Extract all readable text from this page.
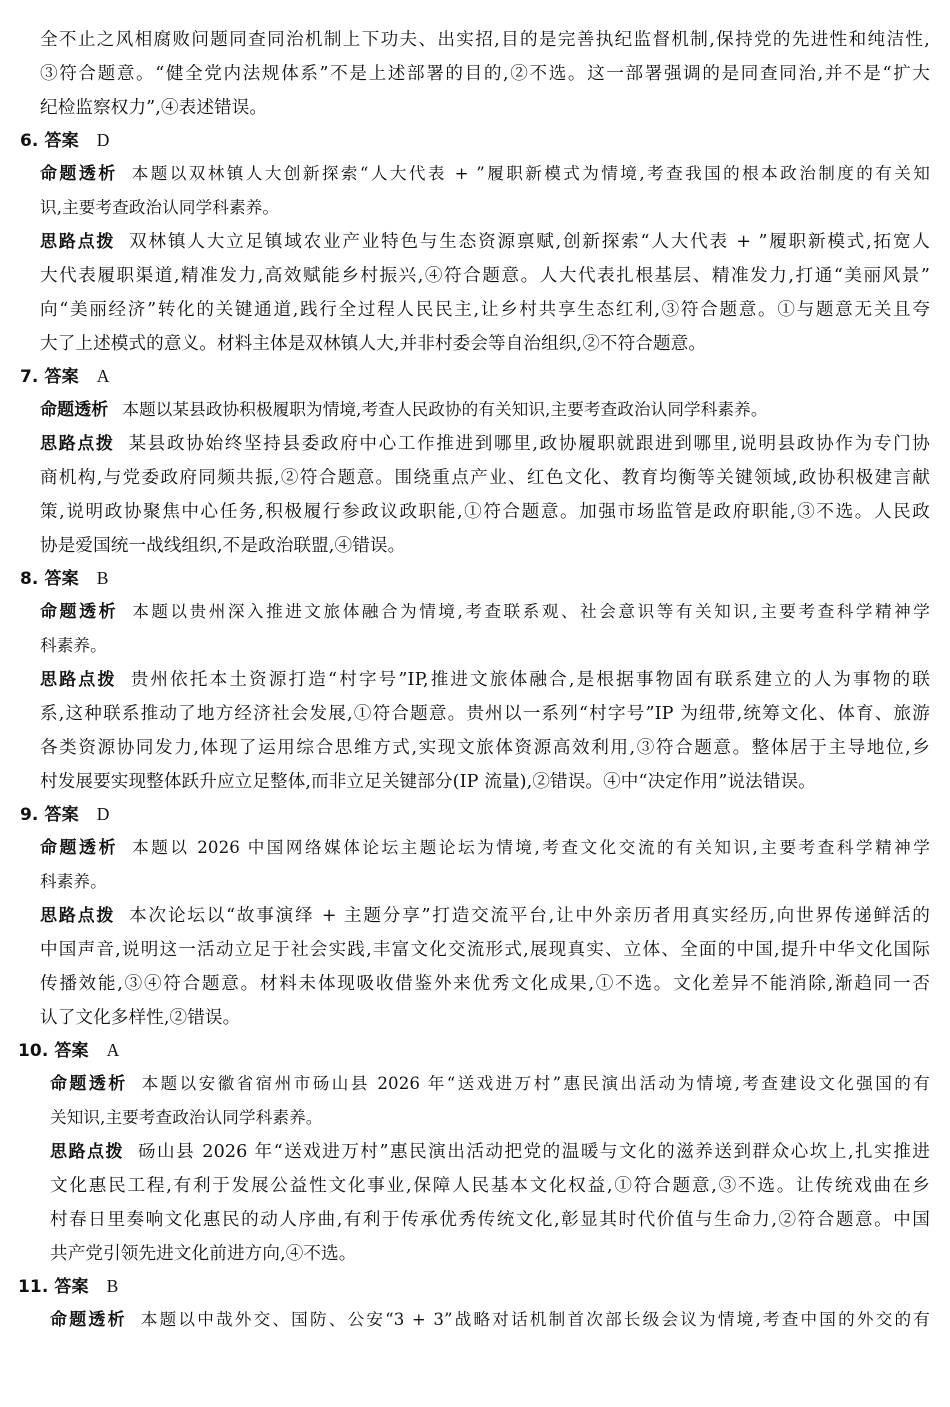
全不止之风相腐败问题同查同治机制上下功夫、出实招,目的是完善执纪监督机制,保持党的先进性和纯洁性,
③符合题意。“健全党内法规体系”不是上述部署的目的,②不选。这一部署强调的是同查同治,并不是“扩大
纪检监察权力”,④表述错误。
6. 答案 D
命题透析 本题以双林镇人大创新探索“人大代表 + ”履职新模式为情境,考查我国的根本政治制度的有关知
识,主要考查政治认同学科素养。
思路点拨 双林镇人大立足镇域农业产业特色与生态资源禀赋,创新探索“人大代表 + ”履职新模式,拓宽人
大代表履职渠道,精准发力,高效赋能乡村振兴,④符合题意。人大代表扎根基层、精准发力,打通“美丽风景”
向“美丽经济”转化的关键通道,践行全过程人民民主,让乡村共享生态红利,③符合题意。①与题意无关且夸
大了上述模式的意义。材料主体是双林镇人大,并非村委会等自治组织,②不符合题意。
7. 答案 A
命题透析 本题以某县政协积极履职为情境,考查人民政协的有关知识,主要考查政治认同学科素养。
思路点拨 某县政协始终坚持县委政府中心工作推进到哪里,政协履职就跟进到哪里,说明县政协作为专门协
商机构,与党委政府同频共振,②符合题意。围绕重点产业、红色文化、教育均衡等关键领域,政协积极建言献
策,说明政协聚焦中心任务,积极履行参政议政职能,①符合题意。加强市场监管是政府职能,③不选。人民政
协是爱国统一战线组织,不是政治联盟,④错误。
8. 答案 B
命题透析 本题以贵州深入推进文旅体融合为情境,考查联系观、社会意识等有关知识,主要考查科学精神学
科素养。
思路点拨 贵州依托本土资源打造“村字号”IP,推进文旅体融合,是根据事物固有联系建立的人为事物的联
系,这种联系推动了地方经济社会发展,①符合题意。贵州以一系列“村字号”IP 为纽带,统筹文化、体育、旅游
各类资源协同发力,体现了运用综合思维方式,实现文旅体资源高效利用,③符合题意。整体居于主导地位,乡
村发展要实现整体跃升应立足整体,而非立足关键部分(IP 流量),②错误。④中“决定作用”说法错误。
9. 答案 D
命题透析 本题以 2026 中国网络媒体论坛主题论坛为情境,考查文化交流的有关知识,主要考查科学精神学
科素养。
思路点拨 本次论坛以“故事演绎 + 主题分享”打造交流平台,让中外亲历者用真实经历,向世界传递鲜活的
中国声音,说明这一活动立足于社会实践,丰富文化交流形式,展现真实、立体、全面的中国,提升中华文化国际
传播效能,③④符合题意。材料未体现吸收借鉴外来优秀文化成果,①不选。文化差异不能消除,渐趋同一否
认了文化多样性,②错误。
10. 答案 A
命题透析 本题以安徽省宿州市砀山县 2026 年“送戏进万村”惠民演出活动为情境,考查建设文化强国的有
关知识,主要考查政治认同学科素养。
思路点拨 砀山县 2026 年“送戏进万村”惠民演出活动把党的温暖与文化的滋养送到群众心坎上,扎实推进
文化惠民工程,有利于发展公益性文化事业,保障人民基本文化权益,①符合题意,③不选。让传统戏曲在乡
村春日里奏响文化惠民的动人序曲,有利于传承优秀传统文化,彰显其时代价值与生命力,②符合题意。中国
共产党引领先进文化前进方向,④不选。
11. 答案 B
命题透析 本题以中哉外交、国防、公安“3 + 3”战略对话机制首次部长级会议为情境,考查中国的外交的有
